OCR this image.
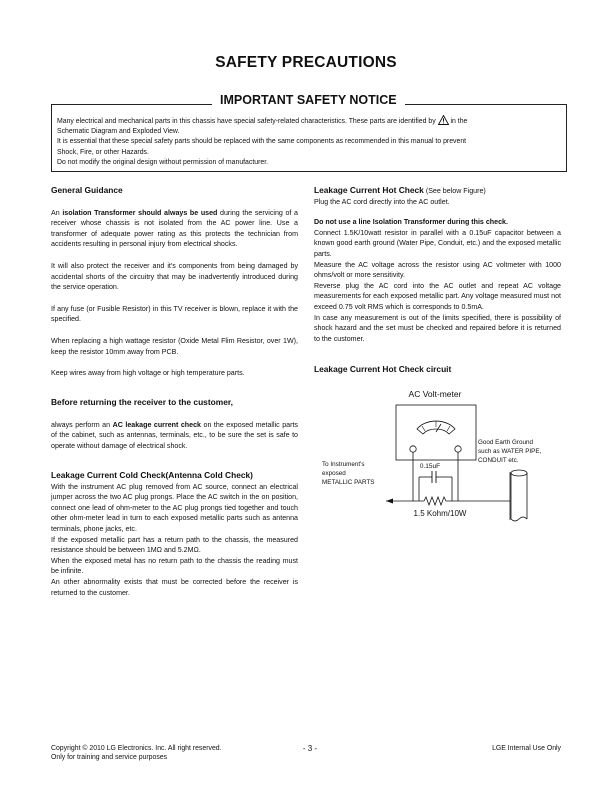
SAFETY PRECAUTIONS
IMPORTANT SAFETY NOTICE
Many electrical and mechanical parts in this chassis have special safety-related characteristics. These parts are identified by in the
Schematic Diagram and Exploded View.
It is essential that these special safety parts should be replaced with the same components as recommended in this manual to prevent
Shock, Fire, or other Hazards.
Do not modify the original design without permission of manufacturer.

General Guidance

An isolation Transformer should always be used during the servicing of a receiver whose chassis is not isolated from the AC power line. Use a transformer of adequate power rating as this protects the technician from accidents resulting in personal injury from electrical shocks.

It will also protect the receiver and it's components from being damaged by accidental shorts of the circuitry that may be inadvertently introduced during the service operation.

If any fuse (or Fusible Resistor) in this TV receiver is blown, replace it with the specified.

When replacing a high wattage resistor (Oxide Metal Flim Resistor, over 1W), keep the resistor 10mm away from PCB.

Keep wires away from high voltage or high temperature parts.

Before returning the receiver to the customer,

always perform an AC leakage current check on the exposed metallic parts of the cabinet, such as antennas, terminals, etc., to be sure the set is safe to operate without damage of electrical shock.

Leakage Current Cold Check(Antenna Cold Check)

With the instrument AC plug removed from AC source, connect an electrical jumper across the two AC plug prongs. Place the AC switch in the on position, connect one lead of ohm-meter to the AC plug prongs tied together and touch other ohm-meter lead in turn to each exposed metallic parts such as antenna terminals, phone jacks, etc.

If the exposed metallic part has a return path to the chassis, the measured resistance should be between 1MΩ and 5.2MΩ.

When the exposed metal has no return path to the chassis the reading must be infinite.

An other abnormality exists that must be corrected before the receiver is returned to the customer.

Leakage Current Hot Check (See below Figure)

Plug the AC cord directly into the AC outlet.

Do not use a line Isolation Transformer during this check.

Connect 1.5K/10watt resistor in parallel with a 0.15uF capacitor between a known good earth ground (Water Pipe, Conduit, etc.) and the exposed metallic parts.

Measure the AC voltage across the resistor using AC voltmeter with 1000 ohms/volt or more sensitivity.

Reverse plug the AC cord into the AC outlet and repeat AC voltage measurements for each exposed metallic part. Any voltage measured must not exceed 0.75 volt RMS which is corresponds to 0.5mA.

In case any measurement is out of the limits specified, there is possibility of shock hazard and the set must be checked and repaired before it is returned to the customer.

Leakage Current Hot Check circuit
AC Volt-meter
0.15uF
1.5 Kohm/10W
To Instrument's
exposed
METALLIC PARTS
Good Earth Ground
such as WATER PIPE,
CONDUIT etc.
Copyright © 2010 LG Electronics. Inc. All right reserved.
Only for training and service purposes
- 3 -	LGE Internal Use Only
